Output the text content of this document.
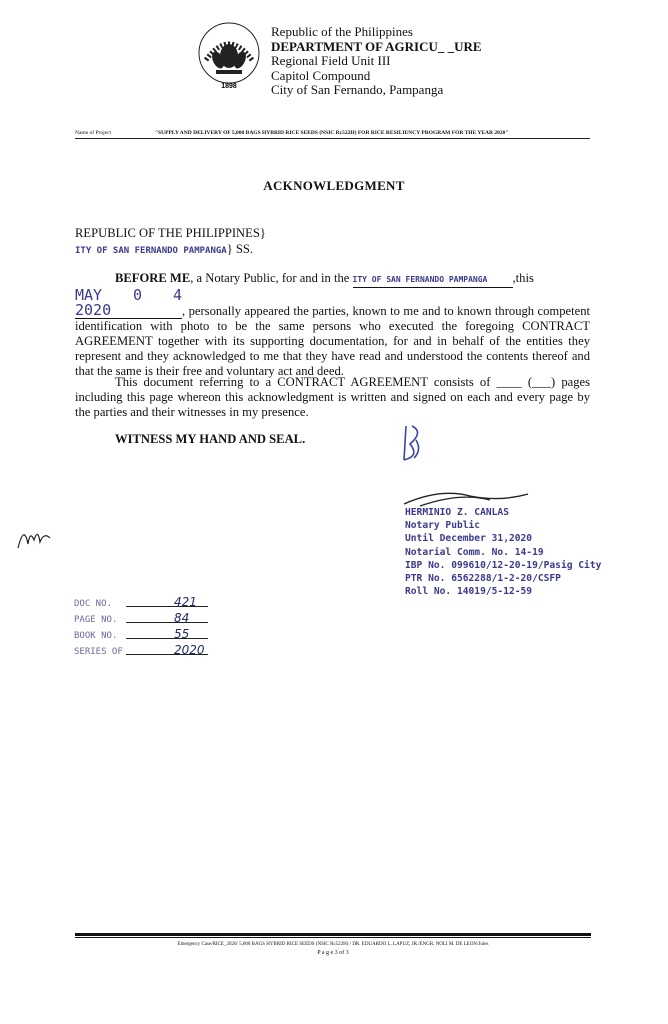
1898
Republic of the Philippines
DEPARTMENT OF AGRICU_ _URE
Regional Field Unit III
Capitol Compound
City of San Fernando, Pampanga
Name of Project	"SUPPLY AND DELIVERY OF 5,000 BAGS HYBRID RICE SEEDS (NSIC Rc522H) FOR RICE RESILIENCY PROGRAM FOR THE YEAR 2020"
ACKNOWLEDGMENT
REPUBLIC OF THE PHILIPPINES}
ITY OF SAN FERNANDO PAMPANGA} SS.
BEFORE ME, a Notary Public, for and in the ITY OF SAN FERNANDO PAMPANGA ,this
MAY 0 4 2020	, personally appeared the parties, known to me and to known through competent identification with photo to be the same persons who executed the foregoing CONTRACT AGREEMENT together with its supporting documentation, for and in behalf of the entities they represent and they acknowledged to me that they have read and understood the contents thereof and that the same is their free and voluntary act and deed.
This document referring to a CONTRACT AGREEMENT consists of ____ (___) pages including this page whereon this acknowledgment is written and signed on each and every page by the parties and their witnesses in my presence.
WITNESS MY HAND AND SEAL.
HERMINIO Z. CANLAS
Notary Public
Until December 31,2020
Notarial Comm. No. 14-19
IBP No. 099610/12-20-19/Pasig City
PTR No. 6562288/1-2-20/CSFP
Roll No. 14019/5-12-59
DOC NO.	421
PAGE NO.	84
BOOK NO.	55
SERIES OF	2020
Emergency Case/RICE_2020/ 5,000 BAGS HYBRID RICE SEEDS (NSIC Rc522H) / DR. EDUARDO L. LAPUZ, JR./ENGR. NOLI M. DE LEON/Jules
P a g e 3 of 3
